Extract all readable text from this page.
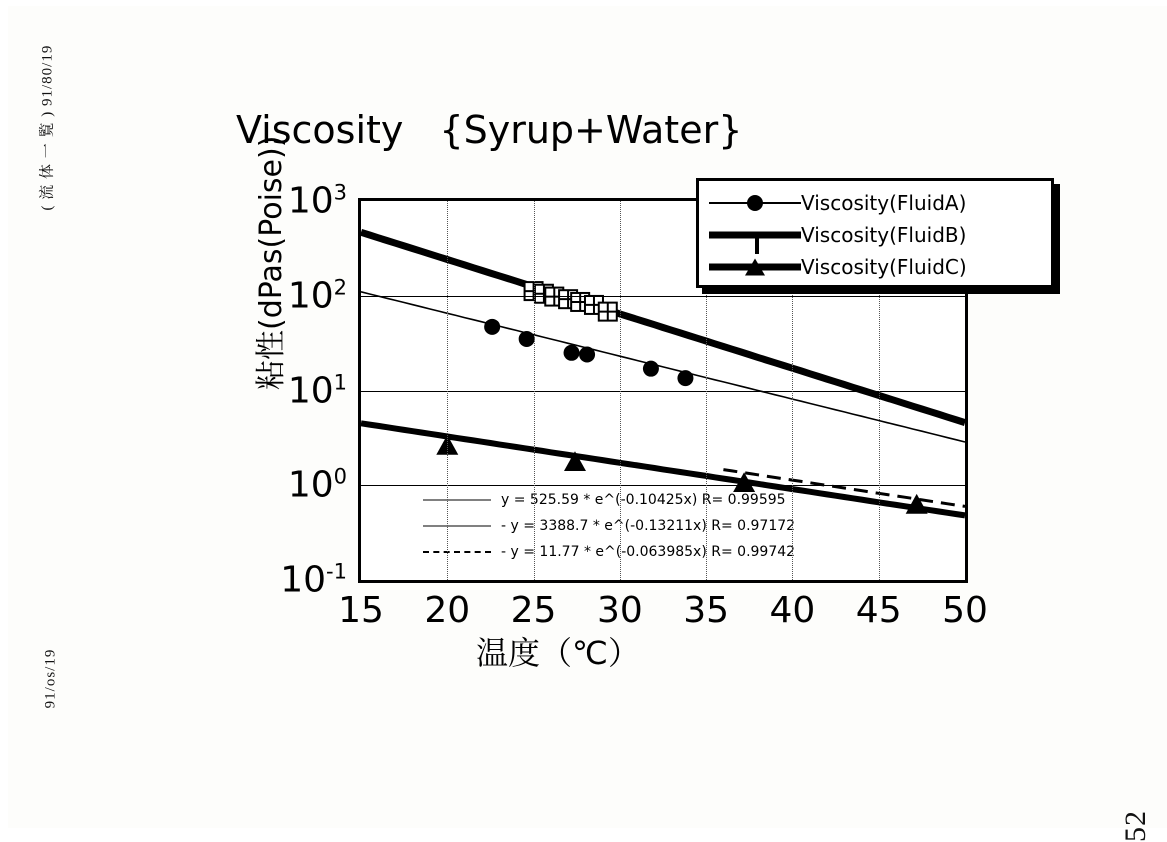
( 流 体 一 覧 ) 91/80/19
91/os/19
52
Viscosity {Syrup+Water}
粘性(dPas(Poise))
温度（℃）
y = 525.59 * e^(-0.10425x) R= 0.99595
- y = 3388.7 * e^(-0.13211x) R= 0.97172
- y = 11.77 * e^(-0.063985x) R= 0.99742
$10^3$
$10^2$
$10^1$
$10^0$
$10^{-1}$
15 20 25 30 35 40 45 50
Viscosity(FluidA)
Viscosity(FluidB)
Viscosity(FluidC)
